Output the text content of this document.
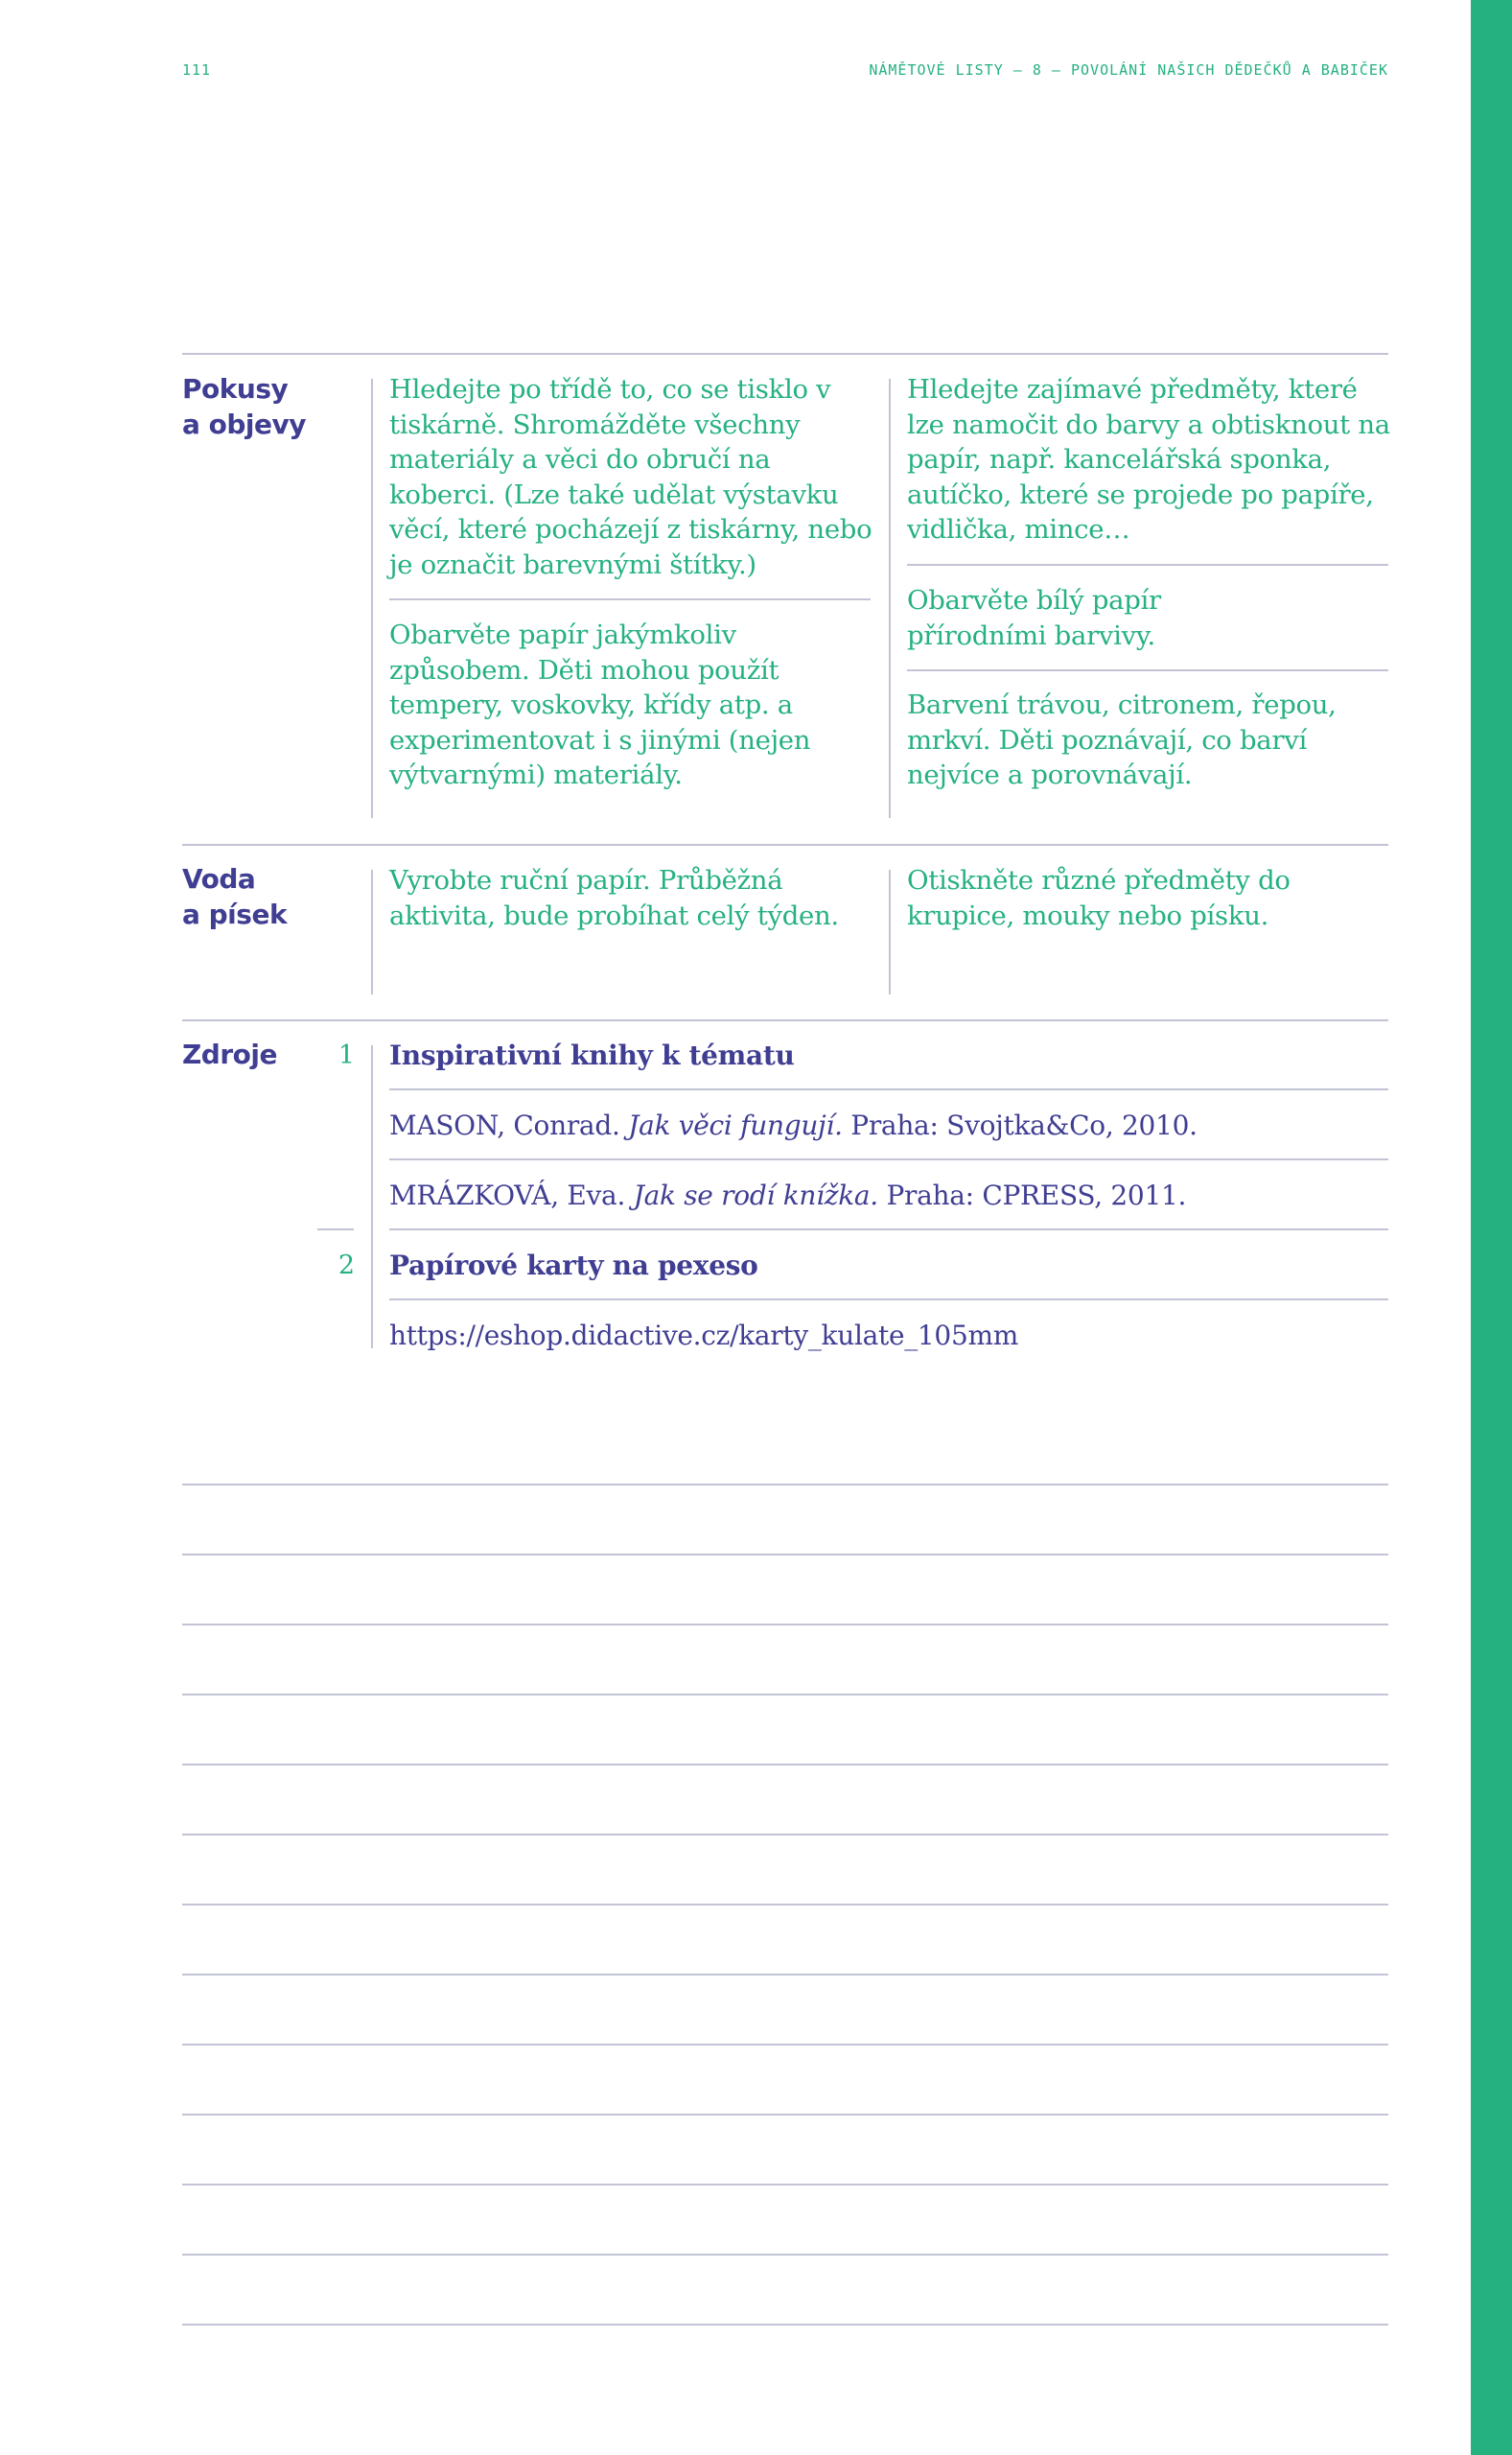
111	NÁMĚTOVÉ LISTY — 8 — POVOLÁNÍ NAŠICH DĚDEČKŮ A BABIČEK
Pokusy
a objevy

Hledejte po třídě to, co se tisklo v tiskárně. Shromážděte všechny materiály a věci do obručí na koberci. (Lze také udělat výstavku věcí, které pocházejí z tiskárny, nebo je označit barevnými štítky.)

Obarvěte papír jakýmkoliv způsobem. Děti mohou použít tempery, voskovky, křídy atp. a experimentovat i s jinými (nejen výtvarnými) materiály.

Hledejte zajímavé předměty, které lze namočit do barvy a obtisknout na papír, např. kancelářská sponka, autíčko, které se projede po papíře, vidlička, mince…

Obarvěte bílý papír přírodními barvivy.

Barvení trávou, citronem, řepou, mrkví. Děti poznávají, co barví nejvíce a porovnávají.

Voda
a písek

Vyrobte ruční papír. Průběžná aktivita, bude probíhat celý týden.

Otiskněte různé předměty do krupice, mouky nebo písku.

Zdroje	1 Inspirativní knihy k tématu
MASON, Conrad. Jak věci fungují. Praha: Svojtka&Co, 2010.
MRÁZKOVÁ, Eva. Jak se rodí knížka. Praha: CPRESS, 2011.
2 Papírové karty na pexeso
https://eshop.didactive.cz/karty_kulate_105mm
